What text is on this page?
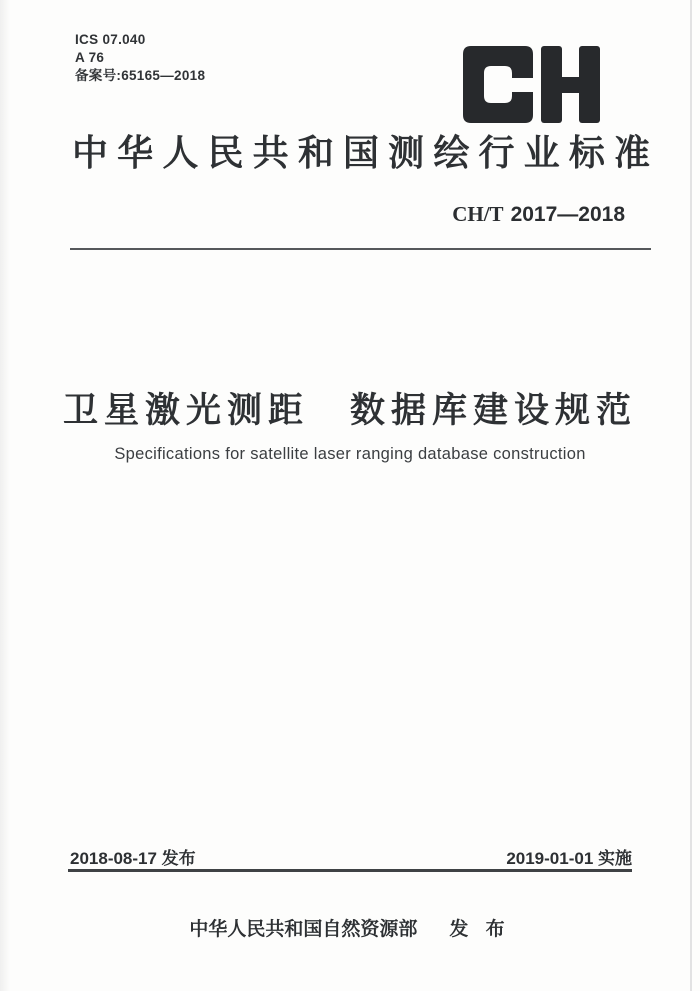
ICS 07.040
A 76
备案号:65165—2018
中华人民共和国测绘行业标准
CH/T 2017—2018
卫星激光测距　数据库建设规范
Specifications for satellite laser ranging database construction
2018-08-17 发布	2019-01-01 实施
中华人民共和国自然资源部 发 布
